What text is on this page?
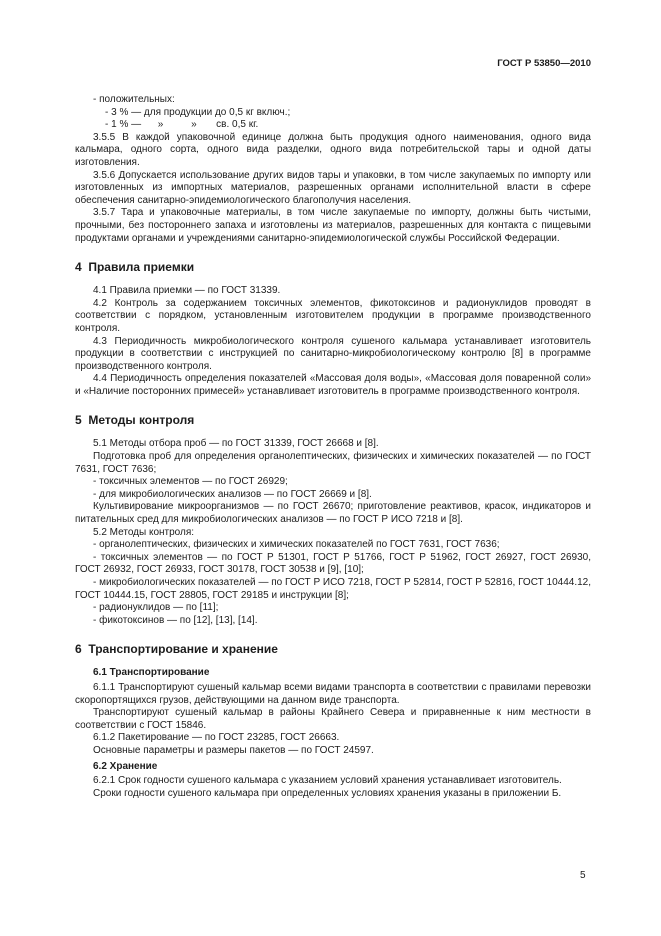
ГОСТ Р 53850—2010
- положительных:
- 3 % — для продукции до 0,5 кг включ.;
- 1 % —      »          »       св. 0,5 кг.
3.5.5 В каждой упаковочной единице должна быть продукция одного наименования, одного вида кальмара, одного сорта, одного вида разделки, одного вида потребительской тары и одной даты изготовления.
3.5.6 Допускается использование других видов тары и упаковки, в том числе закупаемых по импорту или изготовленных из импортных материалов, разрешенных органами исполнительной власти в сфере обеспечения санитарно-эпидемиологического благополучия населения.
3.5.7 Тара и упаковочные материалы, в том числе закупаемые по импорту, должны быть чистыми, прочными, без постороннего запаха и изготовлены из материалов, разрешенных для контакта с пищевыми продуктами органами и учреждениями санитарно-эпидемиологической службы Российской Федерации.
4  Правила приемки
4.1 Правила приемки — по ГОСТ 31339.
4.2 Контроль за содержанием токсичных элементов, фикотоксинов и радионуклидов проводят в соответствии с порядком, установленным изготовителем продукции в программе производственного контроля.
4.3 Периодичность микробиологического контроля сушеного кальмара устанавливает изготовитель продукции в соответствии с инструкцией по санитарно-микробиологическому контролю [8] в программе производственного контроля.
4.4 Периодичность определения показателей «Массовая доля воды», «Массовая доля поваренной соли» и «Наличие посторонних примесей» устанавливает изготовитель в программе производственного контроля.
5  Методы контроля
5.1 Методы отбора проб — по ГОСТ 31339, ГОСТ 26668 и [8].
Подготовка проб для определения органолептических, физических и химических показателей — по ГОСТ 7631, ГОСТ 7636;
- токсичных элементов — по ГОСТ 26929;
- для микробиологических анализов — по ГОСТ 26669 и [8].
Культивирование микроорганизмов — по ГОСТ 26670; приготовление реактивов, красок, индикаторов и питательных сред для микробиологических анализов — по ГОСТ Р ИСО 7218 и [8].
5.2 Методы контроля:
- органолептических, физических и химических показателей по ГОСТ 7631, ГОСТ 7636;
- токсичных элементов — по ГОСТ Р 51301, ГОСТ Р 51766, ГОСТ Р 51962, ГОСТ 26927, ГОСТ 26930, ГОСТ 26932, ГОСТ 26933, ГОСТ 30178, ГОСТ 30538 и [9], [10];
- микробиологических показателей — по ГОСТ Р ИСО 7218, ГОСТ Р 52814, ГОСТ Р 52816, ГОСТ 10444.12, ГОСТ 10444.15, ГОСТ 28805, ГОСТ 29185 и инструкции [8];
- радионуклидов — по [11];
- фикотоксинов — по [12], [13], [14].
6  Транспортирование и хранение
6.1 Транспортирование
6.1.1 Транспортируют сушеный кальмар всеми видами транспорта в соответствии с правилами перевозки скоропортящихся грузов, действующими на данном виде транспорта.
Транспортируют сушеный кальмар в районы Крайнего Севера и приравненные к ним местности в соответствии с ГОСТ 15846.
6.1.2 Пакетирование — по ГОСТ 23285, ГОСТ 26663.
Основные параметры и размеры пакетов — по ГОСТ 24597.
6.2 Хранение
6.2.1 Срок годности сушеного кальмара с указанием условий хранения устанавливает изготовитель.
Сроки годности сушеного кальмара при определенных условиях хранения указаны в приложении Б.
5
